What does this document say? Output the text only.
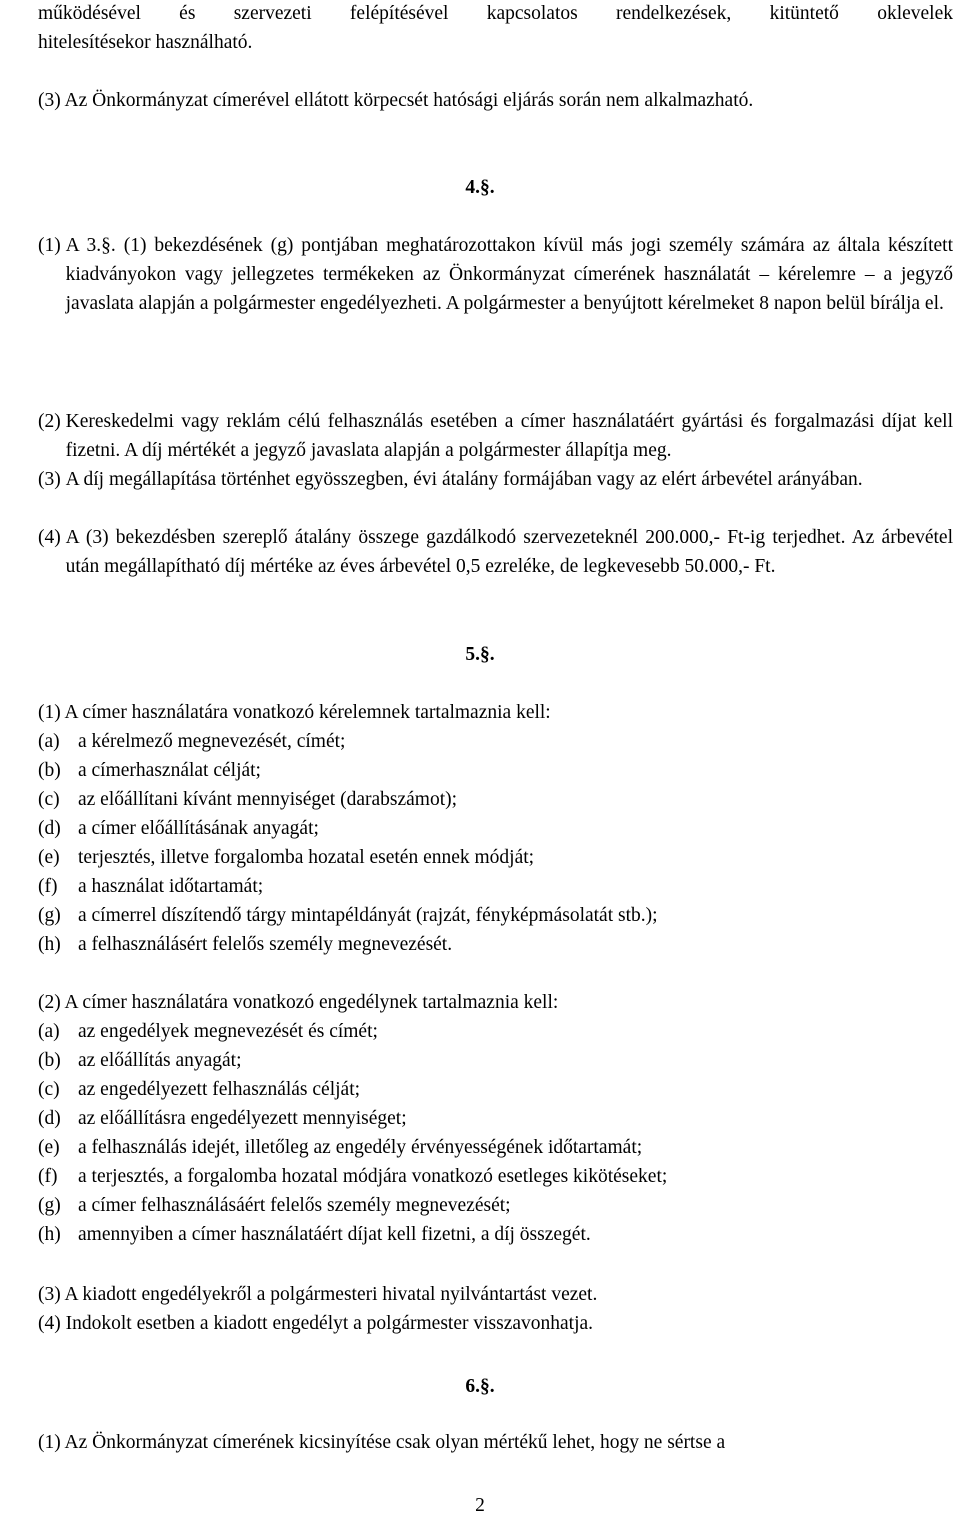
működésével és szervezeti felépítésével kapcsolatos rendelkezések, kitüntető oklevelek
hitelesítésekor használható.
(3) Az Önkormányzat címerével ellátott körpecsét hatósági eljárás során nem alkalmazható.
4.§.
(1) A 3.§. (1) bekezdésének (g) pontjában meghatározottakon kívül más jogi személy számára az általa készített kiadványokon vagy jellegzetes termékeken az Önkormányzat címerének használatát – kérelemre – a jegyző javaslata alapján a polgármester engedélyezheti. A polgármester a benyújtott kérelmeket 8 napon belül bírálja el.
(2) Kereskedelmi vagy reklám célú felhasználás esetében a címer használatáért gyártási és forgalmazási díjat kell fizetni. A díj mértékét a jegyző javaslata alapján a polgármester állapítja meg.
(3) A díj megállapítása történhet egyösszegben, évi átalány formájában vagy az elért árbevétel arányában.
(4) A (3) bekezdésben szereplő átalány összege gazdálkodó szervezeteknél 200.000,- Ft-ig terjedhet. Az árbevétel után megállapítható díj mértéke az éves árbevétel 0,5 ezreléke, de legkevesebb 50.000,- Ft.
5.§.
(1) A címer használatára vonatkozó kérelemnek tartalmaznia kell:
(a) a kérelmező megnevezését, címét;
(b) a címerhasználat célját;
(c) az előállítani kívánt mennyiséget (darabszámot);
(d) a címer előállításának anyagát;
(e) terjesztés, illetve forgalomba hozatal esetén ennek módját;
(f)	a használat időtartamát;
(g) a címerrel díszítendő tárgy mintapéldányát (rajzát, fényképmásolatát stb.);
(h) a felhasználásért felelős személy megnevezését.
(2) A címer használatára vonatkozó engedélynek tartalmaznia kell:
(a) az engedélyek megnevezését és címét;
(b) az előállítás anyagát;
(c) az engedélyezett felhasználás célját;
(d) az előállításra engedélyezett mennyiséget;
(e) a felhasználás idejét, illetőleg az engedély érvényességének időtartamát;
(f)	a terjesztés, a forgalomba hozatal módjára vonatkozó esetleges kikötéseket;
(g) a címer felhasználásáért felelős személy megnevezését;
(h) amennyiben a címer használatáért díjat kell fizetni, a díj összegét.
(3) A kiadott engedélyekről a polgármesteri hivatal nyilvántartást vezet.
(4) Indokolt esetben a kiadott engedélyt a polgármester visszavonhatja.
6.§.
(1) Az Önkormányzat címerének kicsinyítése csak olyan mértékű lehet, hogy ne sértse a
2
